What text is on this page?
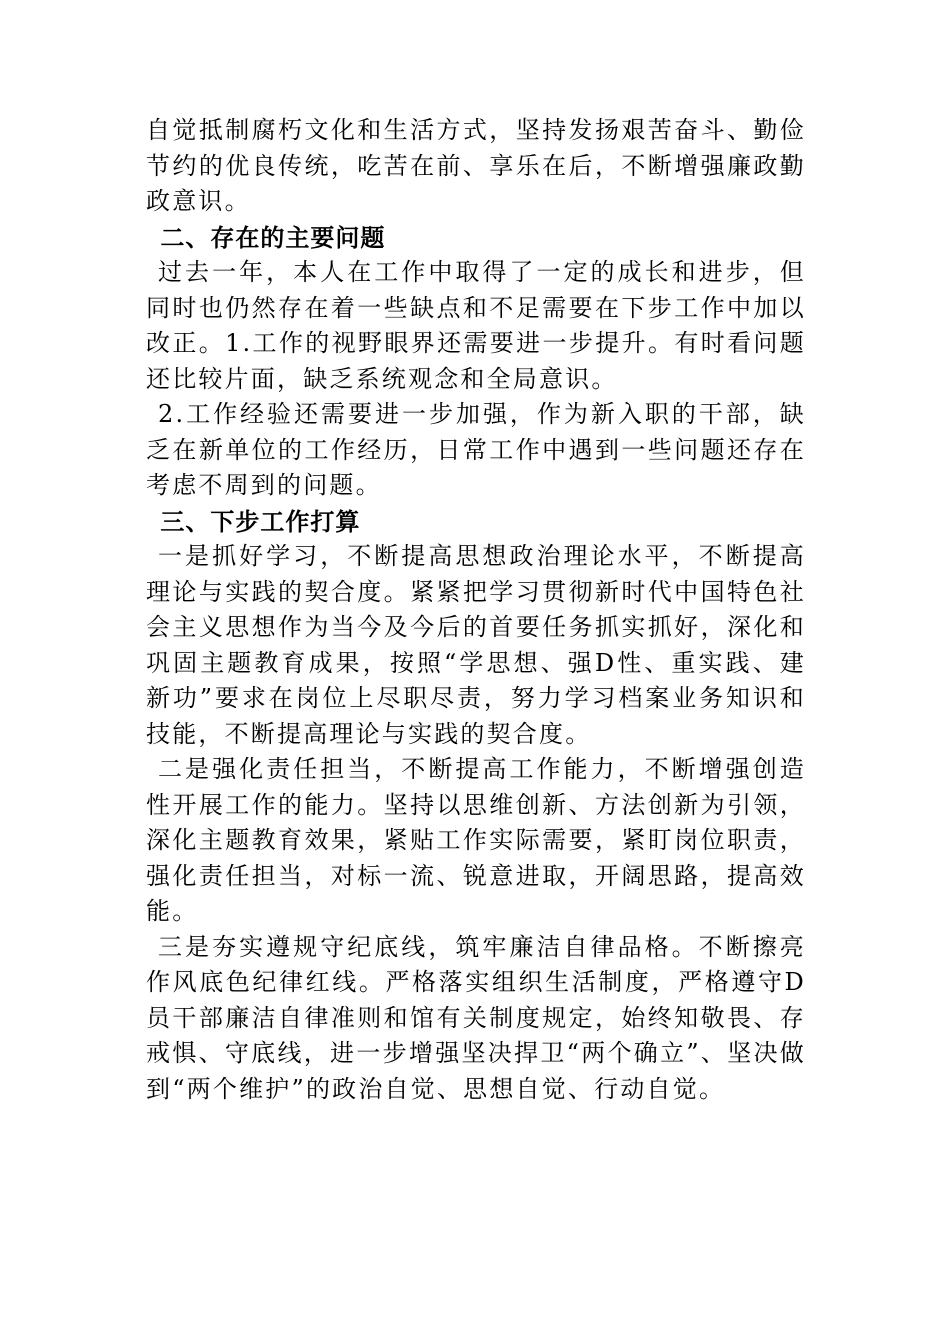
自觉抵制腐朽文化和生活方式，坚持发扬艰苦奋斗、勤俭节约的优良传统，吃苦在前、享乐在后，不断增强廉政勤政意识。

二、存在的主要问题

过去一年，本人在工作中取得了一定的成长和进步，但同时也仍然存在着一些缺点和不足需要在下步工作中加以改正。1.工作的视野眼界还需要进一步提升。有时看问题还比较片面，缺乏系统观念和全局意识。

2.工作经验还需要进一步加强，作为新入职的干部，缺乏在新单位的工作经历，日常工作中遇到一些问题还存在考虑不周到的问题。

三、下步工作打算

一是抓好学习，不断提高思想政治理论水平，不断提高理论与实践的契合度。紧紧把学习贯彻新时代中国特色社会主义思想作为当今及今后的首要任务抓实抓好，深化和巩固主题教育成果，按照“学思想、强D性、重实践、建新功”要求在岗位上尽职尽责，努力学习档案业务知识和技能，不断提高理论与实践的契合度。

二是强化责任担当，不断提高工作能力，不断增强创造性开展工作的能力。坚持以思维创新、方法创新为引领，深化主题教育效果，紧贴工作实际需要，紧盯岗位职责，强化责任担当，对标一流、锐意进取，开阔思路，提高效能。

三是夯实遵规守纪底线，筑牢廉洁自律品格。不断擦亮作风底色纪律红线。严格落实组织生活制度，严格遵守D员干部廉洁自律准则和馆有关制度规定，始终知敬畏、存戒惧、守底线，进一步增强坚决捍卫“两个确立”、坚决做到“两个维护”的政治自觉、思想自觉、行动自觉。
